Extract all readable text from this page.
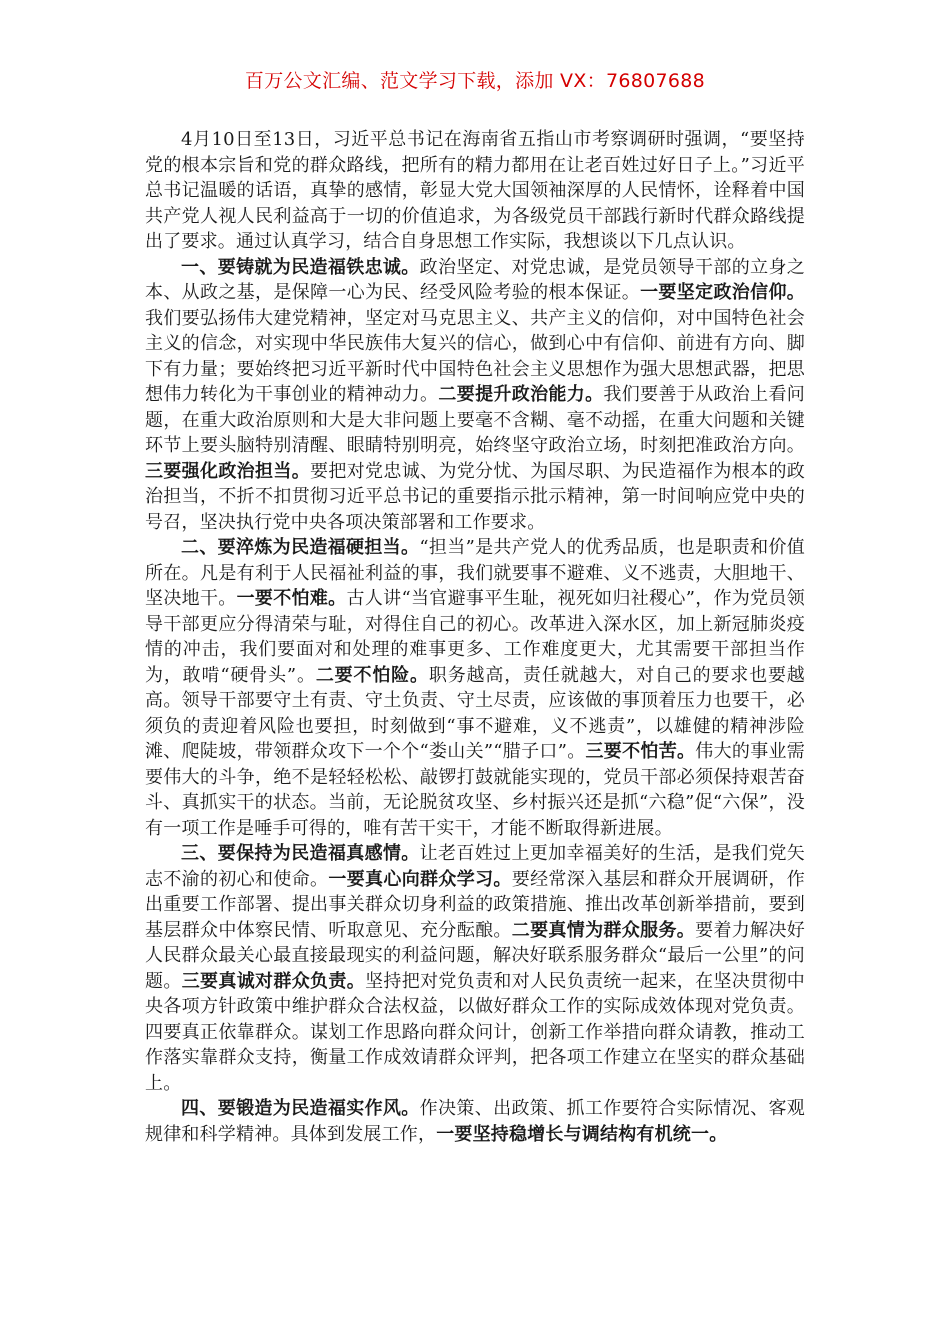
百万公文汇编、范文学习下载，添加 VX：76807688

4月10日至13日，习近平总书记在海南省五指山市考察调研时强调，“要坚持党的根本宗旨和党的群众路线，把所有的精力都用在让老百姓过好日子上。”习近平总书记温暖的话语，真挚的感情，彰显大党大国领袖深厚的人民情怀，诠释着中国共产党人视人民利益高于一切的价值追求，为各级党员干部践行新时代群众路线提出了要求。通过认真学习，结合自身思想工作实际，我想谈以下几点认识。

一、要铸就为民造福铁忠诚。政治坚定、对党忠诚，是党员领导干部的立身之本、从政之基，是保障一心为民、经受风险考验的根本保证。一要坚定政治信仰。我们要弘扬伟大建党精神，坚定对马克思主义、共产主义的信仰，对中国特色社会主义的信念，对实现中华民族伟大复兴的信心，做到心中有信仰、前进有方向、脚下有力量；要始终把习近平新时代中国特色社会主义思想作为强大思想武器，把思想伟力转化为干事创业的精神动力。二要提升政治能力。我们要善于从政治上看问题，在重大政治原则和大是大非问题上要毫不含糊、毫不动摇，在重大问题和关键环节上要头脑特别清醒、眼睛特别明亮，始终坚守政治立场，时刻把准政治方向。三要强化政治担当。要把对党忠诚、为党分忧、为国尽职、为民造福作为根本的政治担当，不折不扣贯彻习近平总书记的重要指示批示精神，第一时间响应党中央的号召，坚决执行党中央各项决策部署和工作要求。

二、要淬炼为民造福硬担当。“担当”是共产党人的优秀品质，也是职责和价值所在。凡是有利于人民福祉利益的事，我们就要事不避难、义不逃责，大胆地干、坚决地干。一要不怕难。古人讲“当官避事平生耻，视死如归社稷心”，作为党员领导干部更应分得清荣与耻，对得住自己的初心。改革进入深水区，加上新冠肺炎疫情的冲击，我们要面对和处理的难事更多、工作难度更大，尤其需要干部担当作为，敢啃“硬骨头”。二要不怕险。职务越高，责任就越大，对自己的要求也要越高。领导干部要守土有责、守土负责、守土尽责，应该做的事顶着压力也要干，必须负的责迎着风险也要担，时刻做到“事不避难，义不逃责”，以雄健的精神涉险滩、爬陡坡，带领群众攻下一个个“娄山关”“腊子口”。三要不怕苦。伟大的事业需要伟大的斗争，绝不是轻轻松松、敲锣打鼓就能实现的，党员干部必须保持艰苦奋斗、真抓实干的状态。当前，无论脱贫攻坚、乡村振兴还是抓“六稳”促“六保”，没有一项工作是唾手可得的，唯有苦干实干，才能不断取得新进展。

三、要保持为民造福真感情。让老百姓过上更加幸福美好的生活，是我们党矢志不渝的初心和使命。一要真心向群众学习。要经常深入基层和群众开展调研，作出重要工作部署、提出事关群众切身利益的政策措施、推出改革创新举措前，要到基层群众中体察民情、听取意见、充分酝酿。二要真情为群众服务。要着力解决好人民群众最关心最直接最现实的利益问题，解决好联系服务群众“最后一公里”的问题。三要真诚对群众负责。坚持把对党负责和对人民负责统一起来，在坚决贯彻中央各项方针政策中维护群众合法权益，以做好群众工作的实际成效体现对党负责。四要真正依靠群众。谋划工作思路向群众问计，创新工作举措向群众请教，推动工作落实靠群众支持，衡量工作成效请群众评判，把各项工作建立在坚实的群众基础上。

四、要锻造为民造福实作风。作决策、出政策、抓工作要符合实际情况、客观规律和科学精神。具体到发展工作，一要坚持稳增长与调结构有机统一。
